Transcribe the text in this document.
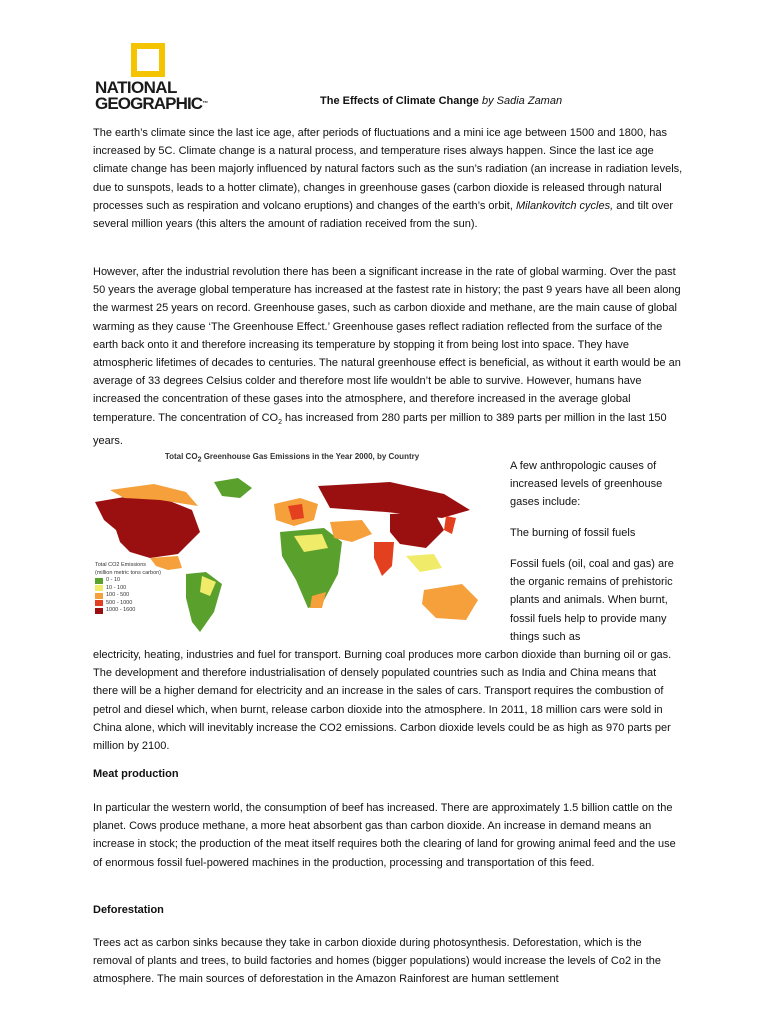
NATIONAL
GEOGRAPHIC™	The Effects of Climate Change by Sadia Zaman

The earth’s climate since the last ice age, after periods of fluctuations and a mini ice age between 1500 and 1800, has increased by 5C. Climate change is a natural process, and temperature rises always happen. Since the last ice age climate change has been majorly influenced by natural factors such as the sun’s radiation (an increase in radiation levels, due to sunspots, leads to a hotter climate), changes in greenhouse gases (carbon dioxide is released through natural processes such as respiration and volcano eruptions) and changes of the earth’s orbit, Milankovitch cycles, and tilt over several million years (this alters the amount of radiation received from the sun).

However, after the industrial revolution there has been a significant increase in the rate of global warming. Over the past 50 years the average global temperature has increased at the fastest rate in history; the past 9 years have all been along the warmest 25 years on record. Greenhouse gases, such as carbon dioxide and methane, are the main cause of global warming as they cause ‘The Greenhouse Effect.’ Greenhouse gases reflect radiation reflected from the surface of the earth back onto it and therefore increasing its temperature by stopping it from being lost into space. They have atmospheric lifetimes of decades to centuries. The natural greenhouse effect is beneficial, as without it earth would be an average of 33 degrees Celsius colder and therefore most life wouldn’t be able to survive. However, humans have increased the concentration of these gases into the atmosphere, and therefore increased in the average global temperature. The concentration of $CO_2$ has increased from 280 parts per million to 389 parts per million in the last 150 years.

Total $CO_2$ Greenhouse Gas Emissions in the Year 2000, by Country
Total CO2 Emissions
(million metric tons carbon)
0 - 10
10 - 100
100 - 500
500 - 1000
1000 - 1600

A few anthropologic causes of increased levels of greenhouse gases include:

The burning of fossil fuels

Fossil fuels (oil, coal and gas) are the organic remains of prehistoric plants and animals. When burnt, fossil fuels help to provide many things such as

electricity, heating, industries and fuel for transport. Burning coal produces more carbon dioxide than burning oil or gas. The development and therefore industrialisation of densely populated countries such as India and China means that there will be a higher demand for electricity and an increase in the sales of cars. Transport requires the combustion of petrol and diesel which, when burnt, release carbon dioxide into the atmosphere. In 2011, 18 million cars were sold in China alone, which will inevitably increase the CO2 emissions. Carbon dioxide levels could be as high as 970 parts per million by 2100.

Meat production

In particular the western world, the consumption of beef has increased. There are approximately 1.5 billion cattle on the planet. Cows produce methane, a more heat absorbent gas than carbon dioxide. An increase in demand means an increase in stock; the production of the meat itself requires both the clearing of land for growing animal feed and the use of enormous fossil fuel-powered machines in the production, processing and transportation of this feed.

Deforestation

Trees act as carbon sinks because they take in carbon dioxide during photosynthesis. Deforestation, which is the removal of plants and trees, to build factories and homes (bigger populations) would increase the levels of Co2 in the atmosphere. The main sources of deforestation in the Amazon Rainforest are human settlement
